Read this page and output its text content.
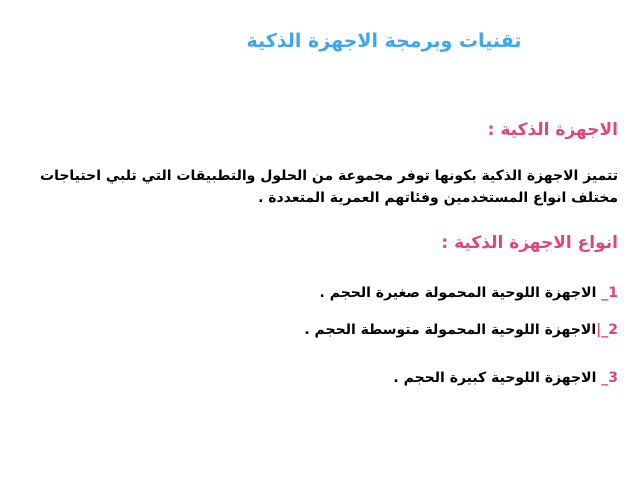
تقنيات وبرمجة الاجهزة الذكية
الاجهزة الذكية :
تتميز الاجهزة الذكية بكونها توفر مجموعة من الحلول والتطبيقات التي تلبي احتياجات مختلف انواع المستخدمين وفئاتهم العمرية المتعددة .
انواع الاجهزة الذكية :
1_ الاجهزة اللوحية المحمولة صغيرة الحجم .
2_|الاجهزة اللوحية المحمولة متوسطة الحجم .
3_ الاجهزة اللوحية كبيرة الحجم .
